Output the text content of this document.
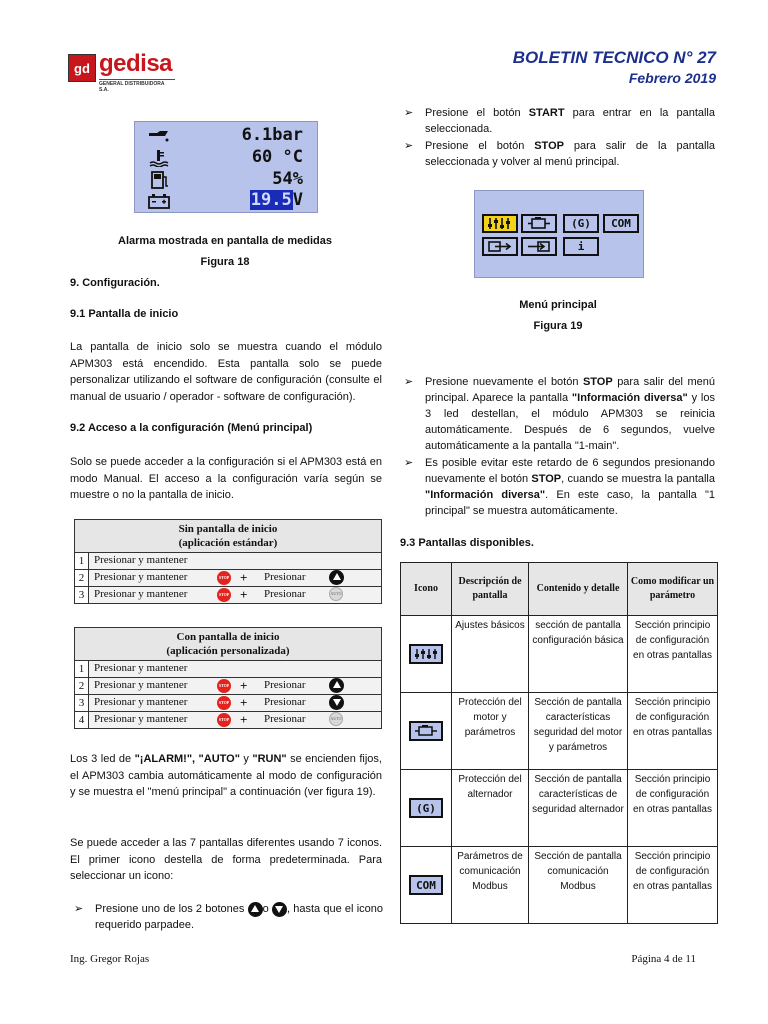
gd gedisa
GENERAL DISTRIBUIDORA S.A.
BOLETIN TECNICO N° 27
Febrero 2019
6.1bar
60 °C
54%
19.5V
Alarma mostrada en pantalla de medidas
Figura 18
9. Configuración.
9.1 Pantalla de inicio
La pantalla de inicio solo se muestra cuando el módulo APM303 está encendido. Esta pantalla solo se puede personalizar utilizando el software de configuración (consulte el manual de usuario / operador - software de configuración).
9.2 Acceso a la configuración (Menú principal)
Solo se puede acceder a la configuración si el APM303 está en modo Manual. El acceso a la configuración varía según se muestre o no la pantalla de inicio.
Sin pantalla de inicio
(aplicación estándar)	
1	Presionar y mantener

2	Presionar y mantener STOP + Presionar

3	Presionar y mantener STOP + Presionar AUTO
Con pantalla de inicio
(aplicación personalizada)	
1	Presionar y mantener

2	Presionar y mantener STOP + Presionar

3	Presionar y mantener STOP + Presionar

4	Presionar y mantener STOP + Presionar AUTO
Los 3 led de "¡ALARM!", "AUTO" y "RUN" se encienden fijos, el APM303 cambia automáticamente al modo de configuración y se muestra el "menú principal" a continuación (ver figura 19).
Se puede acceder a las 7 pantallas diferentes usando 7 iconos. El primer icono destella de forma predeterminada. Para seleccionar un icono:
➢ Presione uno de los 2 botones o , hasta que el icono requerido parpadee.
➢ Presione el botón START para entrar en la pantalla seleccionada.
➢ Presione el botón STOP para salir de la pantalla seleccionada y volver al menú principal.
(G)	COM
i
Menú principal
Figura 19
➢ Presione nuevamente el botón STOP para salir del menú principal. Aparece la pantalla "Información diversa" y los 3 led destellan, el módulo APM303 se reinicia automáticamente. Después de 6 segundos, vuelve automáticamente a la pantalla "1-main".
➢ Es posible evitar este retardo de 6 segundos presionando nuevamente el botón STOP, cuando se muestra la pantalla "Información diversa". En este caso, la pantalla "1 principal" se muestra automáticamente.
9.3 Pantallas disponibles.
Icono	Descripción de pantalla	Contenido y detalle	Como modificar un parámetro

	Ajustes básicos	sección de pantalla configuración básica	Sección principio de configuración en otras pantallas

	Protección del motor y parámetros	Sección de pantalla características seguridad del motor y parámetros	Sección principio de configuración en otras pantallas
(G)	Protección del alternador	Sección de pantalla características de seguridad alternador	Sección principio de configuración en otras pantallas
COM	Parámetros de comunicación Modbus	Sección de pantalla comunicación Modbus	Sección principio de configuración en otras pantallas
Ing. Gregor Rojas	Página 4 de 11
